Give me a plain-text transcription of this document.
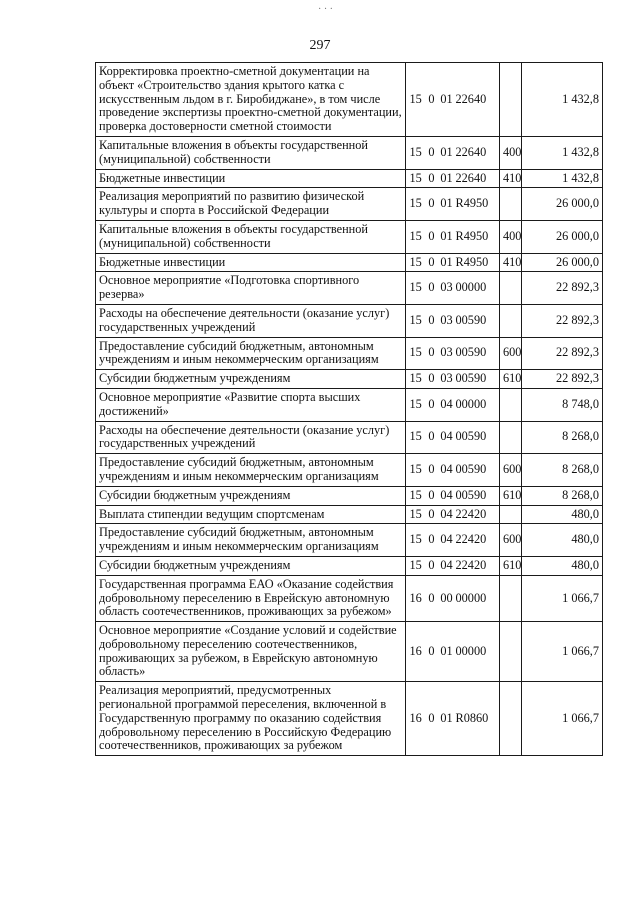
· · ·
297
Корректировка проектно-сметной документации на объект «Строительство здания крытого катка с искусственным льдом в г. Биробиджане», в том числе проведение экспертизы проектно-сметной документации, проверка достоверности сметной стоимости	15 0 01 22640		1 432,8
Капитальные вложения в объекты государственной (муниципальной) собственности	15 0 01 22640	400	1 432,8
Бюджетные инвестиции	15 0 01 22640	410	1 432,8
Реализация мероприятий по развитию физической культуры и спорта в Российской Федерации	15 0 01 R4950		26 000,0
Капитальные вложения в объекты государственной (муниципальной) собственности	15 0 01 R4950	400	26 000,0
Бюджетные инвестиции	15 0 01 R4950	410	26 000,0
Основное мероприятие «Подготовка спортивного резерва»	15 0 03 00000		22 892,3
Расходы на обеспечение деятельности (оказание услуг) государственных учреждений	15 0 03 00590		22 892,3
Предоставление субсидий бюджетным, автономным учреждениям и иным некоммерческим организациям	15 0 03 00590	600	22 892,3
Субсидии бюджетным учреждениям	15 0 03 00590	610	22 892,3
Основное мероприятие «Развитие спорта высших достижений»	15 0 04 00000		8 748,0
Расходы на обеспечение деятельности (оказание услуг) государственных учреждений	15 0 04 00590		8 268,0
Предоставление субсидий бюджетным, автономным учреждениям и иным некоммерческим организациям	15 0 04 00590	600	8 268,0
Субсидии бюджетным учреждениям	15 0 04 00590	610	8 268,0
Выплата стипендии ведущим спортсменам	15 0 04 22420		480,0
Предоставление субсидий бюджетным, автономным учреждениям и иным некоммерческим организациям	15 0 04 22420	600	480,0
Субсидии бюджетным учреждениям	15 0 04 22420	610	480,0
Государственная программа ЕАО «Оказание содействия добровольному переселению в Еврейскую автономную область соотечественников, проживающих за рубежом»	16 0 00 00000		1 066,7
Основное мероприятие «Создание условий и содействие добровольному переселению соотечественников, проживающих за рубежом, в Еврейскую автономную область»	16 0 01 00000		1 066,7
Реализация мероприятий, предусмотренных региональной программой переселения, включенной в Государственную программу по оказанию содействия добровольному переселению в Российскую Федерацию соотечественников, проживающих за рубежом	16 0 01 R0860		1 066,7
